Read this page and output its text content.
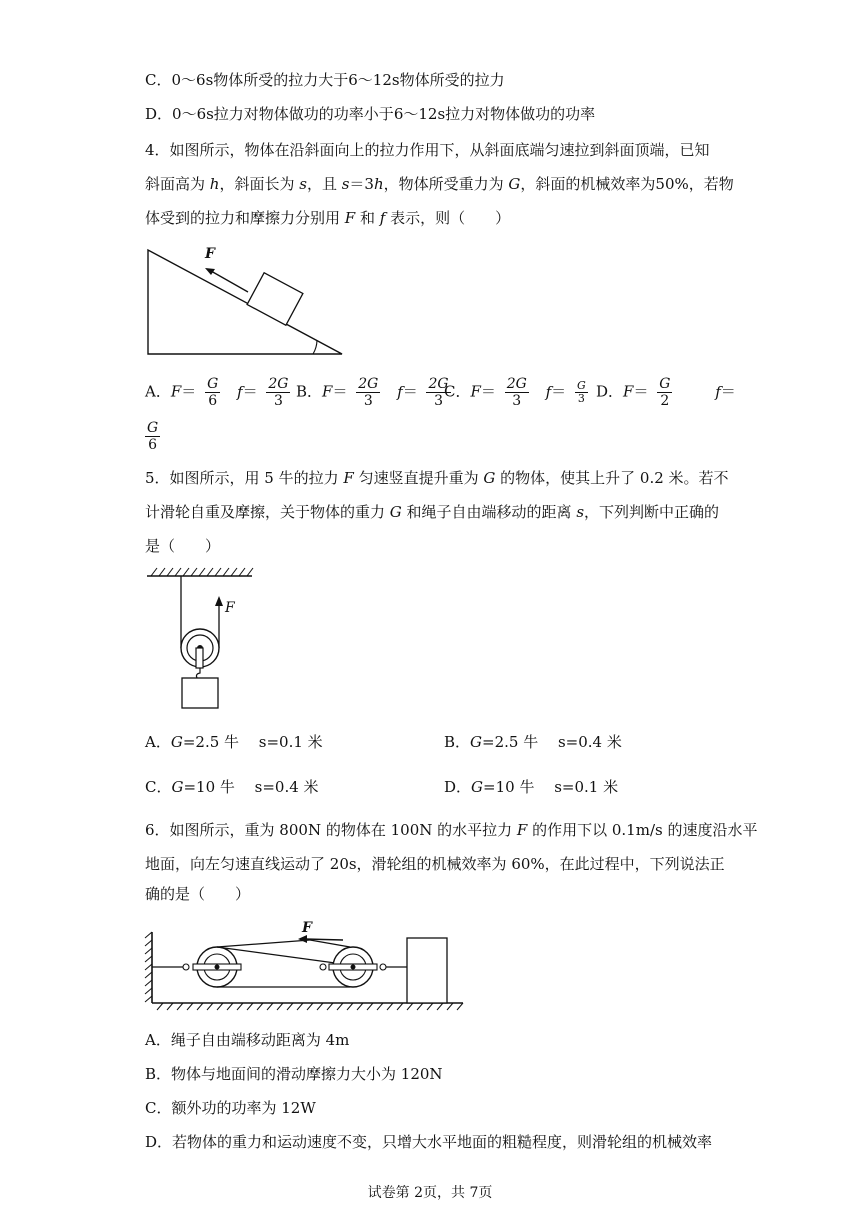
C．0～6s物体所受的拉力大于6～12s物体所受的拉力
D．0～6s拉力对物体做功的功率小于6～12s拉力对物体做功的功率
4．如图所示，物体在沿斜面向上的拉力作用下，从斜面底端匀速拉到斜面顶端，已知
斜面高为 h，斜面长为 s，且 s＝3h，物体所受重力为 G，斜面的机械效率为50%，若物
体受到的拉力和摩擦力分别用 F 和 f 表示，则（　　）
F
A．$F= \frac{G}{6} f= \frac{2G}{3}$ B．$F= \frac{2G}{3} f= \frac{2G}{3}$
C．$F= \frac{2G}{3} f= \frac{G}{3}$ D．$F= \frac{G}{2}$	f＝
$\frac{G}{6}$
5．如图所示，用 5 牛的拉力 F 匀速竖直提升重为 G 的物体，使其上升了 0.2 米。若不
计滑轮自重及摩擦，关于物体的重力 G 和绳子自由端移动的距离 s，下列判断中正确的
是（　　）
F
A．G=2.5 牛　 s=0.1 米	B．G=2.5 牛　 s=0.4 米
C．G=10 牛　 s=0.4 米	D．G=10 牛　 s=0.1 米
6．如图所示，重为 800N 的物体在 100N 的水平拉力 F 的作用下以 0.1m/s 的速度沿水平
地面，向左匀速直线运动了 20s，滑轮组的机械效率为 60%，在此过程中，下列说法正
确的是（　　）
F
A．绳子自由端移动距离为 4m
B．物体与地面间的滑动摩擦力大小为 120N
C．额外功的功率为 12W
D．若物体的重力和运动速度不变，只增大水平地面的粗糙程度，则滑轮组的机械效率
试卷第 2页，共 7页
